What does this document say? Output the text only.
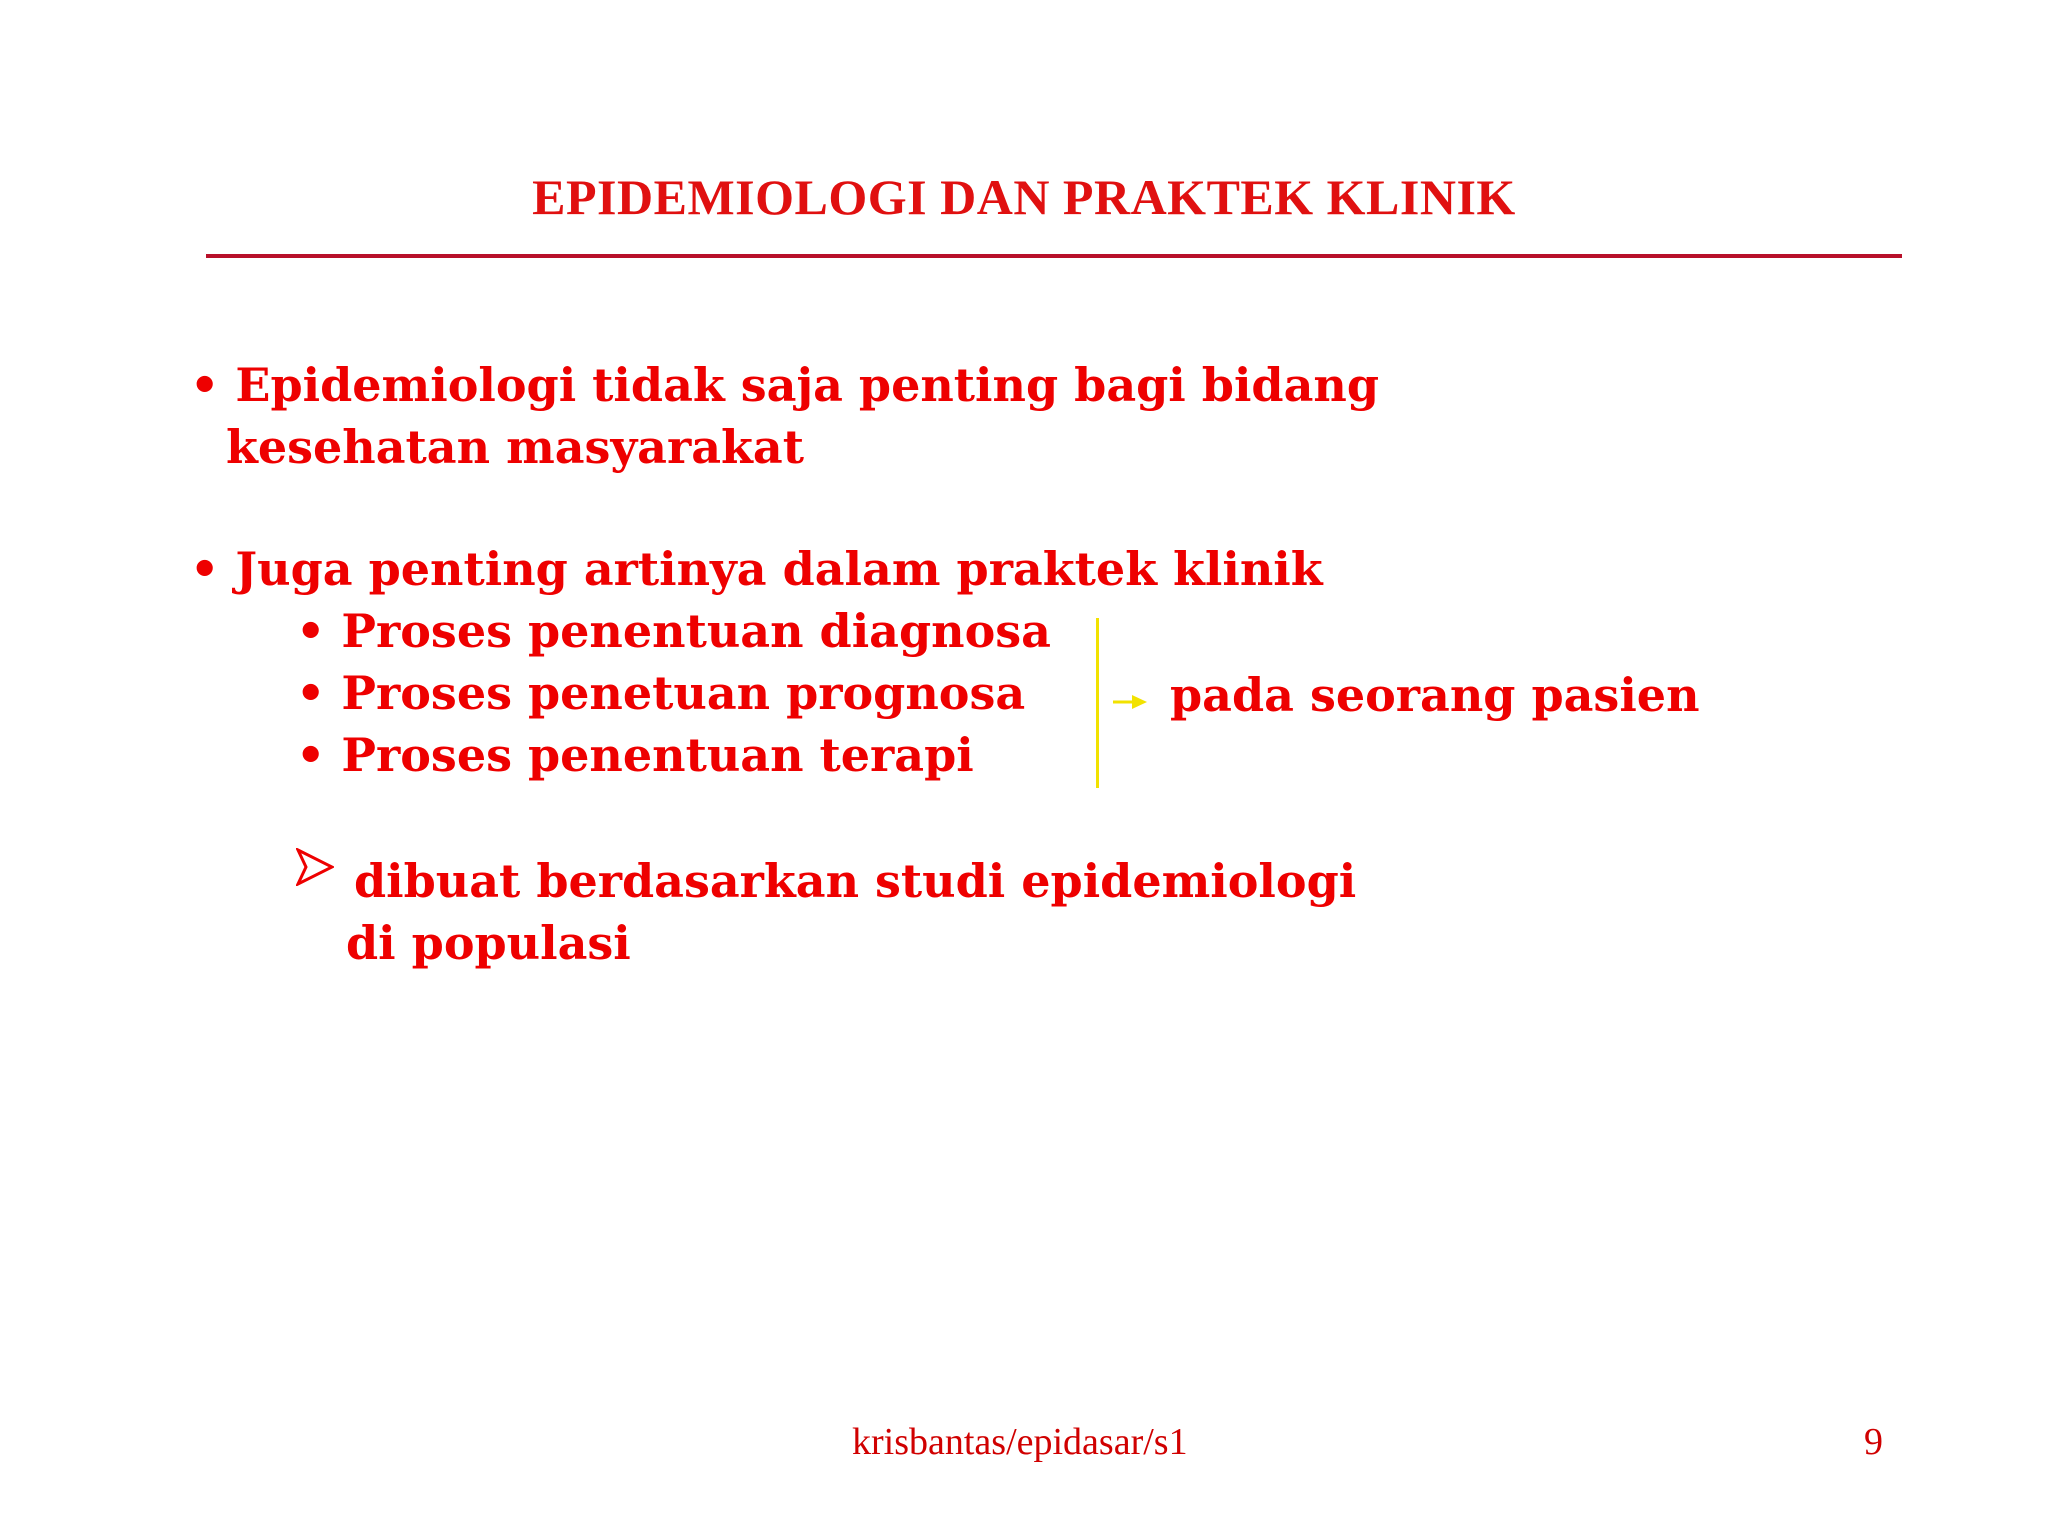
EPIDEMIOLOGI DAN PRAKTEK KLINIK
• Epidemiologi tidak saja penting bagi bidang
kesehatan masyarakat
• Juga penting artinya dalam praktek klinik
• Proses penentuan diagnosa
• Proses penetuan prognosa
• Proses penentuan terapi
pada seorang pasien
dibuat berdasarkan studi epidemiologi
di populasi
krisbantas/epidasar/s1	9
